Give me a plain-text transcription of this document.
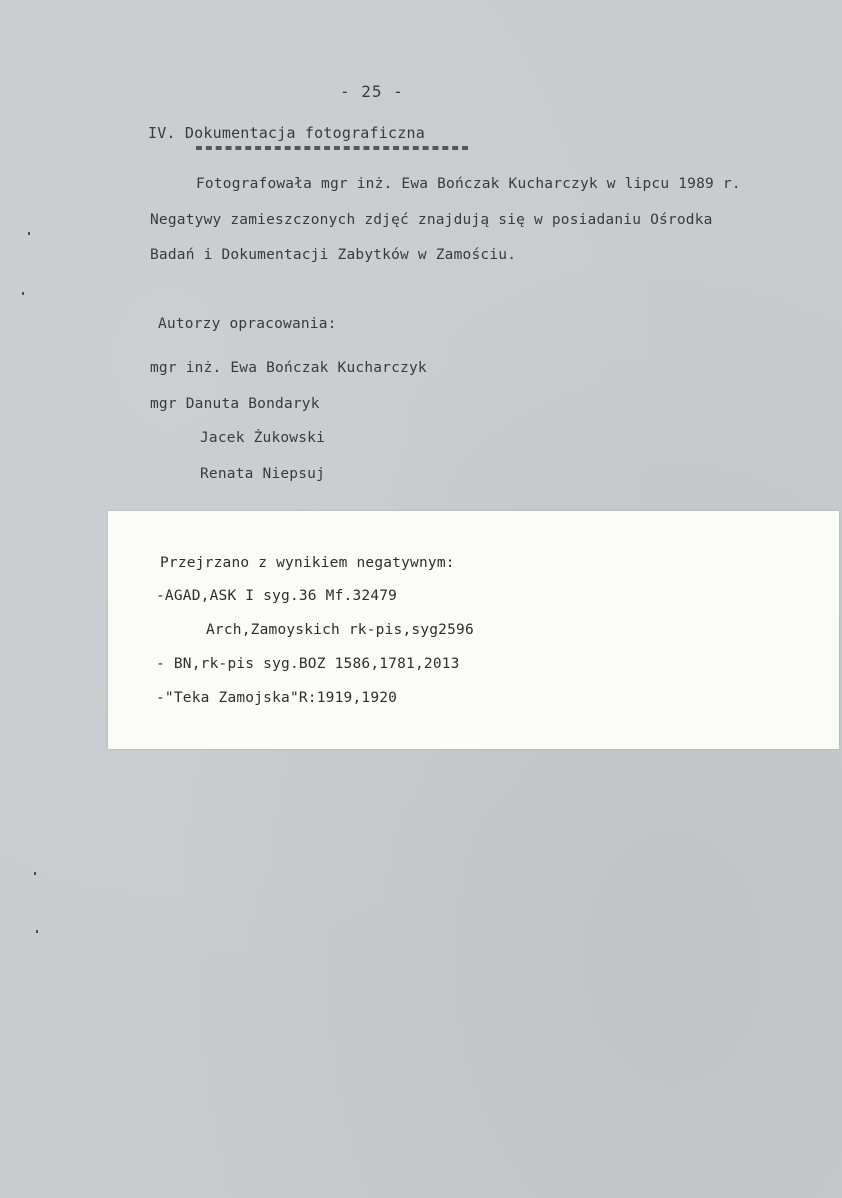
- 25 -
IV. Dokumentacja fotograficzna
Fotografowała mgr inż. Ewa Bończak Kucharczyk w lipcu 1989 r.
Negatywy zamieszczonych zdjęć znajdują się w posiadaniu Ośrodka
Badań i Dokumentacji Zabytków w Zamościu.
Autorzy opracowania:
mgr inż. Ewa Bończak Kucharczyk
mgr Danuta Bondaryk
Jacek Żukowski
Renata Niepsuj
Przejrzano z wynikiem negatywnym:
-AGAD,ASK I syg.36 Mf.32479
Arch,Zamoyskich rk-pis,syg2596
- BN,rk-pis syg.BOZ 1586,1781,2013
-"Teka Zamojska"R:1919,1920
